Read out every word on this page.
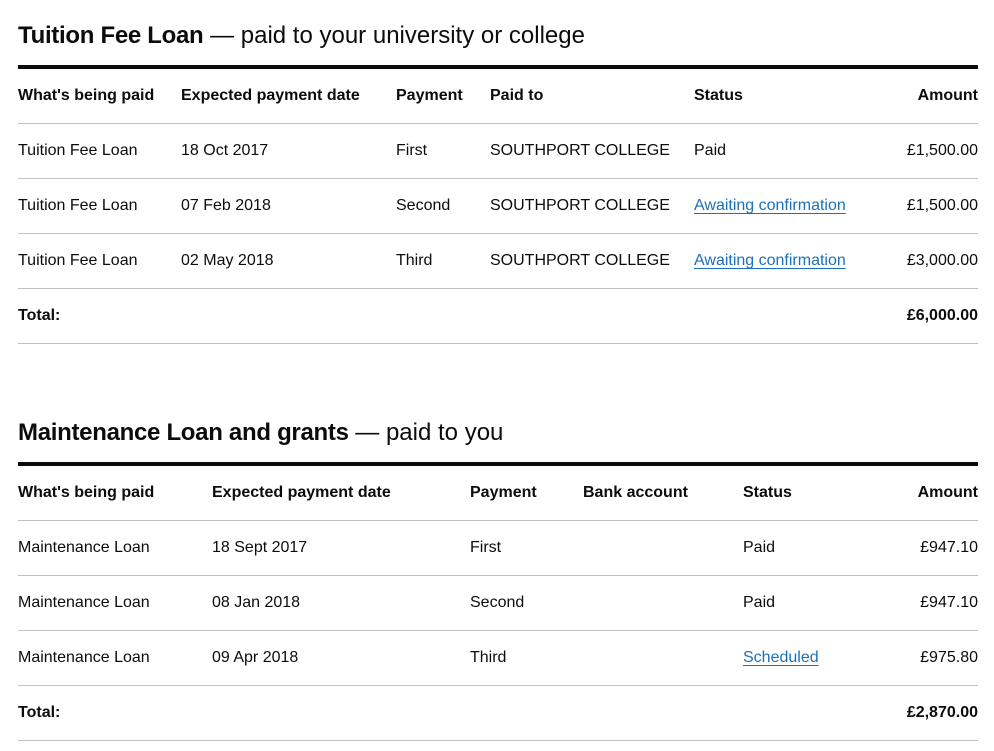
Tuition Fee Loan — paid to your university or college
What's being paid	Expected payment date	Payment	Paid to	Status	Amount
Tuition Fee Loan	18 Oct 2017	First	SOUTHPORT COLLEGE	Paid	£1,500.00
Tuition Fee Loan	07 Feb 2018	Second	SOUTHPORT COLLEGE	Awaiting confirmation	£1,500.00
Tuition Fee Loan	02 May 2018	Third	SOUTHPORT COLLEGE	Awaiting confirmation	£3,000.00
Total:					£6,000.00
Maintenance Loan and grants — paid to you
What's being paid	Expected payment date	Payment	Bank account	Status	Amount
Maintenance Loan	18 Sept 2017	First		Paid	£947.10
Maintenance Loan	08 Jan 2018	Second		Paid	£947.10
Maintenance Loan	09 Apr 2018	Third		Scheduled	£975.80
Total:					£2,870.00
